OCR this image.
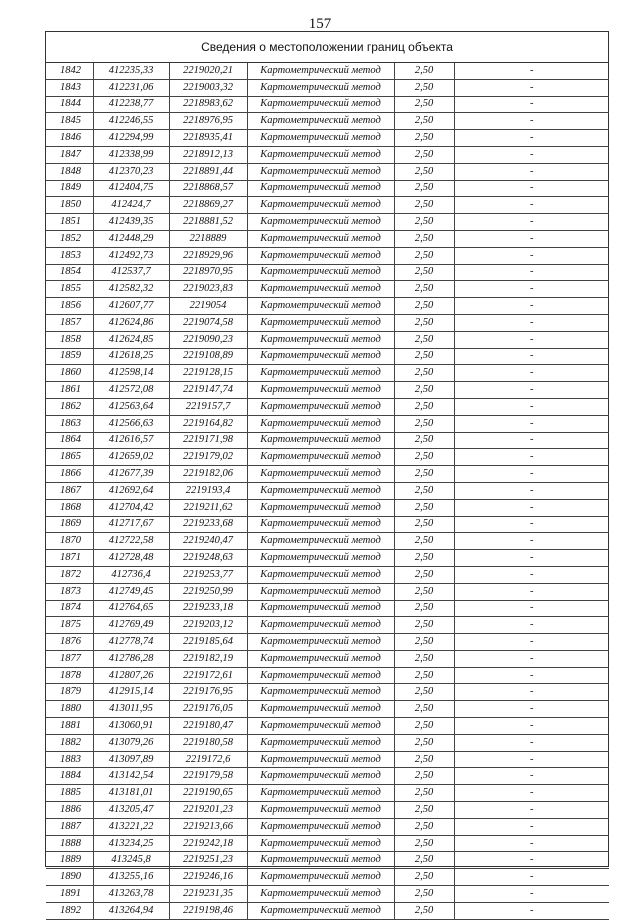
157
Сведения о местоположении границ объекта
1842	412235,33	2219020,21	Картометрический метод	2,50	-
1843	412231,06	2219003,32	Картометрический метод	2,50	-
1844	412238,77	2218983,62	Картометрический метод	2,50	-
1845	412246,55	2218976,95	Картометрический метод	2,50	-
1846	412294,99	2218935,41	Картометрический метод	2,50	-
1847	412338,99	2218912,13	Картометрический метод	2,50	-
1848	412370,23	2218891,44	Картометрический метод	2,50	-
1849	412404,75	2218868,57	Картометрический метод	2,50	-
1850	412424,7	2218869,27	Картометрический метод	2,50	-
1851	412439,35	2218881,52	Картометрический метод	2,50	-
1852	412448,29	2218889	Картометрический метод	2,50	-
1853	412492,73	2218929,96	Картометрический метод	2,50	-
1854	412537,7	2218970,95	Картометрический метод	2,50	-
1855	412582,32	2219023,83	Картометрический метод	2,50	-
1856	412607,77	2219054	Картометрический метод	2,50	-
1857	412624,86	2219074,58	Картометрический метод	2,50	-
1858	412624,85	2219090,23	Картометрический метод	2,50	-
1859	412618,25	2219108,89	Картометрический метод	2,50	-
1860	412598,14	2219128,15	Картометрический метод	2,50	-
1861	412572,08	2219147,74	Картометрический метод	2,50	-
1862	412563,64	2219157,7	Картометрический метод	2,50	-
1863	412566,63	2219164,82	Картометрический метод	2,50	-
1864	412616,57	2219171,98	Картометрический метод	2,50	-
1865	412659,02	2219179,02	Картометрический метод	2,50	-
1866	412677,39	2219182,06	Картометрический метод	2,50	-
1867	412692,64	2219193,4	Картометрический метод	2,50	-
1868	412704,42	2219211,62	Картометрический метод	2,50	-
1869	412717,67	2219233,68	Картометрический метод	2,50	-
1870	412722,58	2219240,47	Картометрический метод	2,50	-
1871	412728,48	2219248,63	Картометрический метод	2,50	-
1872	412736,4	2219253,77	Картометрический метод	2,50	-
1873	412749,45	2219250,99	Картометрический метод	2,50	-
1874	412764,65	2219233,18	Картометрический метод	2,50	-
1875	412769,49	2219203,12	Картометрический метод	2,50	-
1876	412778,74	2219185,64	Картометрический метод	2,50	-
1877	412786,28	2219182,19	Картометрический метод	2,50	-
1878	412807,26	2219172,61	Картометрический метод	2,50	-
1879	412915,14	2219176,95	Картометрический метод	2,50	-
1880	413011,95	2219176,05	Картометрический метод	2,50	-
1881	413060,91	2219180,47	Картометрический метод	2,50	-
1882	413079,26	2219180,58	Картометрический метод	2,50	-
1883	413097,89	2219172,6	Картометрический метод	2,50	-
1884	413142,54	2219179,58	Картометрический метод	2,50	-
1885	413181,01	2219190,65	Картометрический метод	2,50	-
1886	413205,47	2219201,23	Картометрический метод	2,50	-
1887	413221,22	2219213,66	Картометрический метод	2,50	-
1888	413234,25	2219242,18	Картометрический метод	2,50	-
1889	413245,8	2219251,23	Картометрический метод	2,50	-
1890	413255,16	2219246,16	Картометрический метод	2,50	-
1891	413263,78	2219231,35	Картометрический метод	2,50	-
1892	413264,94	2219198,46	Картометрический метод	2,50	-
